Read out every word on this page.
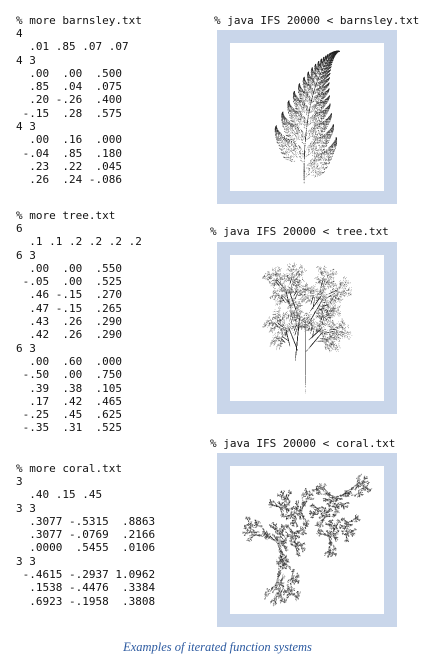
% more barnsley.txt
4
.01 .85 .07 .07
4 3
.00  .00  .500
.85  .04  .075
.20 -.26  .400
-.15  .28  .575
4 3
.00  .16  .000
-.04  .85  .180
.23  .22  .045
.26  .24 -.086
% java IFS 20000 < barnsley.txt
% more tree.txt
6
.1 .1 .2 .2 .2 .2
6 3
.00  .00  .550
-.05  .00  .525
.46 -.15  .270
.47 -.15  .265
.43  .26  .290
.42  .26  .290
6 3
.00  .60  .000
-.50  .00  .750
.39  .38  .105
.17  .42  .465
-.25  .45  .625
-.35  .31  .525
% java IFS 20000 < tree.txt
% more coral.txt
3
.40 .15 .45
3 3
.3077 -.5315  .8863
.3077 -.0769  .2166
.0000  .5455  .0106
3 3
-.4615 -.2937 1.0962
.1538 -.4476  .3384
.6923 -.1958  .3808
% java IFS 20000 < coral.txt
Examples of iterated function systems
